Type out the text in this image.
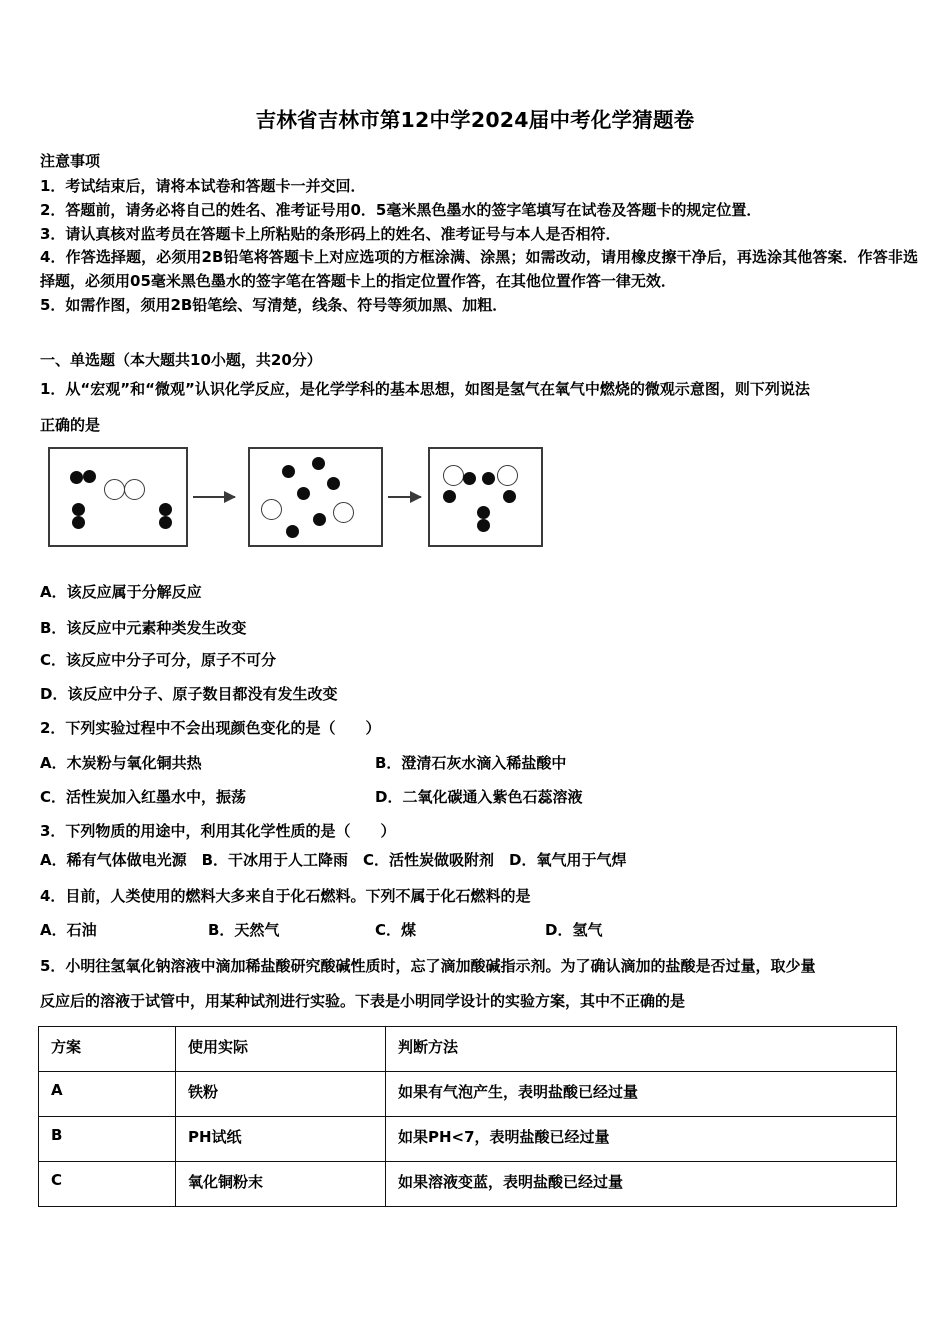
吉林省吉林市第12中学2024届中考化学猜题卷
注意事项
1．考试结束后，请将本试卷和答题卡一并交回．
2．答题前，请务必将自己的姓名、准考证号用0．5毫米黑色墨水的签字笔填写在试卷及答题卡的规定位置．
3．请认真核对监考员在答题卡上所粘贴的条形码上的姓名、准考证号与本人是否相符．
4．作答选择题，必须用2B铅笔将答题卡上对应选项的方框涂满、涂黑；如需改动，请用橡皮擦干净后，再选涂其他答案．作答非选择题，必须用05毫米黑色墨水的签字笔在答题卡上的指定位置作答，在其他位置作答一律无效．
5．如需作图，须用2B铅笔绘、写清楚，线条、符号等须加黑、加粗．
一、单选题（本大题共10小题，共20分）
1．从“宏观”和“微观”认识化学反应，是化学学科的基本思想，如图是氢气在氧气中燃烧的微观示意图，则下列说法
正确的是
A．该反应属于分解反应
B．该反应中元素种类发生改变
C．该反应中分子可分，原子不可分
D．该反应中分子、原子数目都没有发生改变
2．下列实验过程中不会出现颜色变化的是（　　）
A．木炭粉与氧化铜共热	B．澄清石灰水滴入稀盐酸中
C．活性炭加入红墨水中，振荡	D．二氧化碳通入紫色石蕊溶液
3．下列物质的用途中，利用其化学性质的是（　　）
A．稀有气体做电光源　B．干冰用于人工降雨　C．活性炭做吸附剂　D．氧气用于气焊
4．目前，人类使用的燃料大多来自于化石燃料。下列不属于化石燃料的是
A．石油	B．天然气	C．煤	D．氢气
5．小明往氢氧化钠溶液中滴加稀盐酸研究酸碱性质时，忘了滴加酸碱指示剂。为了确认滴加的盐酸是否过量，取少量
反应后的溶液于试管中，用某种试剂进行实验。下表是小明同学设计的实验方案，其中不正确的是
方案	使用实际	判断方法
A	铁粉	如果有气泡产生，表明盐酸已经过量
B	PH试纸	如果PH<7，表明盐酸已经过量
C	氧化铜粉末	如果溶液变蓝，表明盐酸已经过量
